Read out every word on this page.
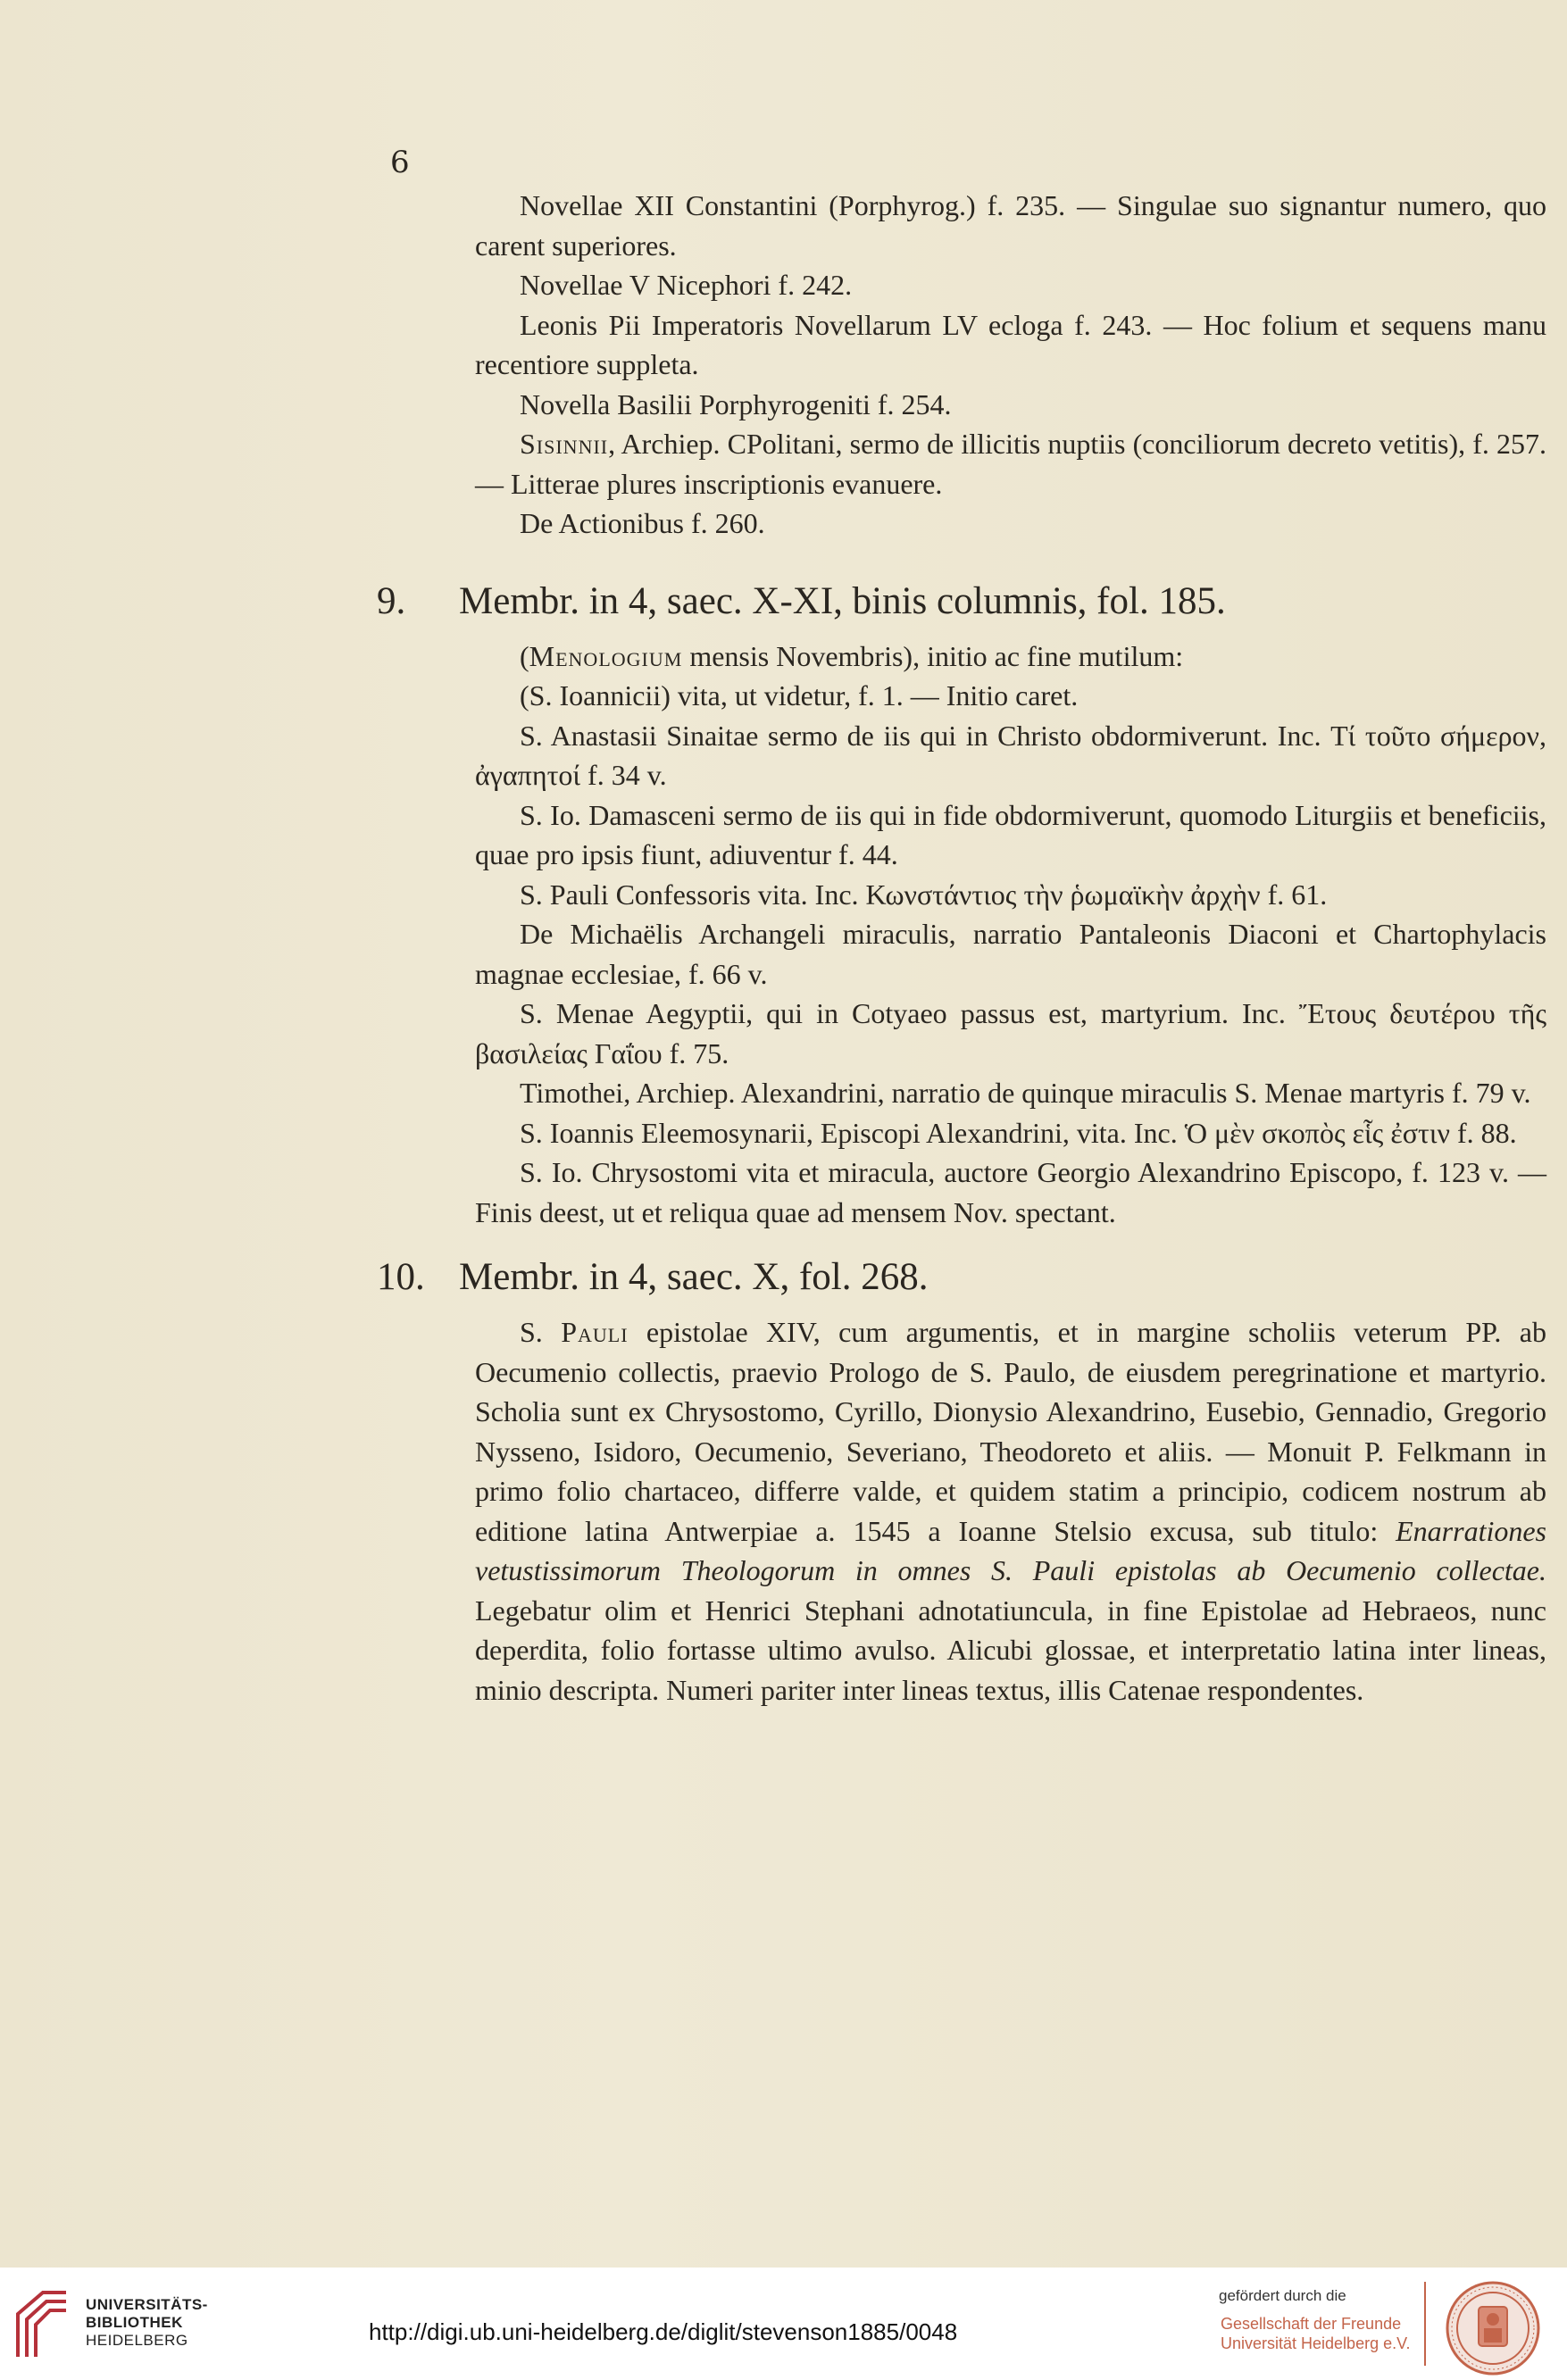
6

Novellae XII Constantini (Porphyrog.) f. 235. — Singulae suo signantur numero, quo carent superiores.

Novellae V Nicephori f. 242.

Leonis Pii Imperatoris Novellarum LV ecloga f. 243. — Hoc folium et sequens manu recentiore suppleta.

Novella Basilii Porphyrogeniti f. 254.

Sisinnii, Archiep. CPolitani, sermo de illicitis nuptiis (conciliorum decreto vetitis), f. 257. — Litterae plures inscriptionis evanuere.

De Actionibus f. 260.

9. Membr. in 4, saec. X-XI, binis columnis, fol. 185.

(Menologium mensis Novembris), initio ac fine mutilum:

(S. Ioannicii) vita, ut videtur, f. 1. — Initio caret.

S. Anastasii Sinaitae sermo de iis qui in Christo obdormiverunt. Inc. Τί τοῦτο σήμερον, ἀγαπητοί f. 34 v.

S. Io. Damasceni sermo de iis qui in fide obdormiverunt, quomodo Liturgiis et beneficiis, quae pro ipsis fiunt, adiuventur f. 44.

S. Pauli Confessoris vita. Inc. Κωνστάντιος τὴν ῥωμαϊκὴν ἀρχὴν f. 61.

De Michaëlis Archangeli miraculis, narratio Pantaleonis Diaconi et Chartophylacis magnae ecclesiae, f. 66 v.

S. Menae Aegyptii, qui in Cotyaeo passus est, martyrium. Inc. Ἔτους δευτέρου τῆς βασιλείας Γαΐου f. 75.

Timothei, Archiep. Alexandrini, narratio de quinque miraculis S. Menae martyris f. 79 v.

S. Ioannis Eleemosynarii, Episcopi Alexandrini, vita. Inc. Ὁ μὲν σκοπὸς εἷς ἐστιν f. 88.

S. Io. Chrysostomi vita et miracula, auctore Georgio Alexandrino Episcopo, f. 123 v. — Finis deest, ut et reliqua quae ad mensem Nov. spectant.

10. Membr. in 4, saec. X, fol. 268.

S. Pauli epistolae XIV, cum argumentis, et in margine scholiis veterum PP. ab Oecumenio collectis, praevio Prologo de S. Paulo, de eiusdem peregrinatione et martyrio. Scholia sunt ex Chrysostomo, Cyrillo, Dionysio Alexandrino, Eusebio, Gennadio, Gregorio Nysseno, Isidoro, Oecumenio, Severiano, Theodoreto et aliis. — Monuit P. Felkmann in primo folio chartaceo, differre valde, et quidem statim a principio, codicem nostrum ab editione latina Antwerpiae a. 1545 a Ioanne Stelsio excusa, sub titulo: Enarrationes vetustissimorum Theologorum in omnes S. Pauli epistolas ab Oecumenio collectae. Legebatur olim et Henrici Stephani adnotatiuncula, in fine Epistolae ad Hebraeos, nunc deperdita, folio fortasse ultimo avulso. Alicubi glossae, et interpretatio latina inter lineas, minio descripta. Numeri pariter inter lineas textus, illis Catenae respondentes.

UNIVERSITÄTS-
BIBLIOTHEK
HEIDELBERG	http://digi.ub.uni-heidelberg.de/diglit/stevenson1885/0048
gefördert durch die
Gesellschaft der Freunde
Universität Heidelberg e.V.
